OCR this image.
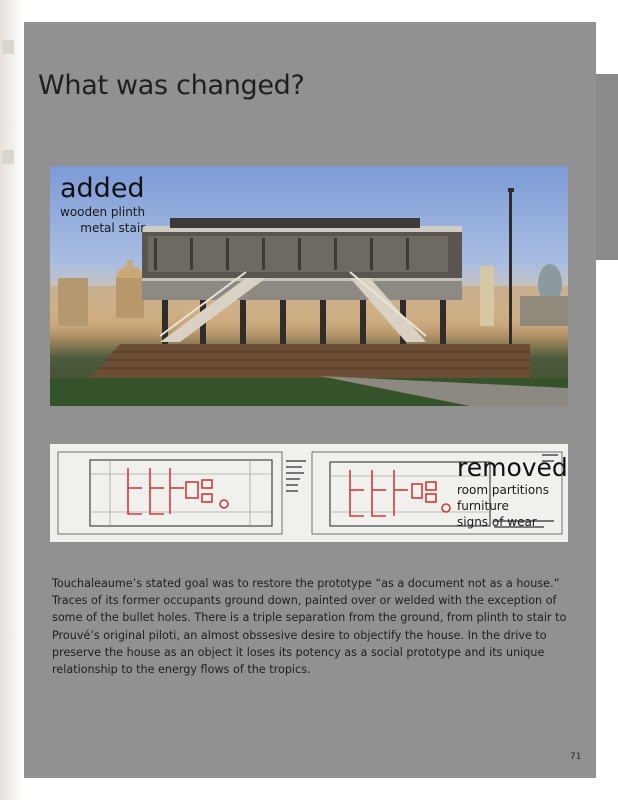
What was changed?
added
wooden plinth
metal stair
removed
room partitions
furniture
signs of wear
Touchaleaume’s stated goal was to restore the prototype “as a document not as a house.” Traces of its former occupants ground down, painted over or welded with the exception of some of the bullet holes. There is a triple separation from the ground, from plinth to stair to Prouvé’s original piloti, an almost obssesive desire to objectify the house. In the drive to preserve the house as an object it loses its potency as a social prototype and its unique relationship to the energy flows of the tropics.
71
